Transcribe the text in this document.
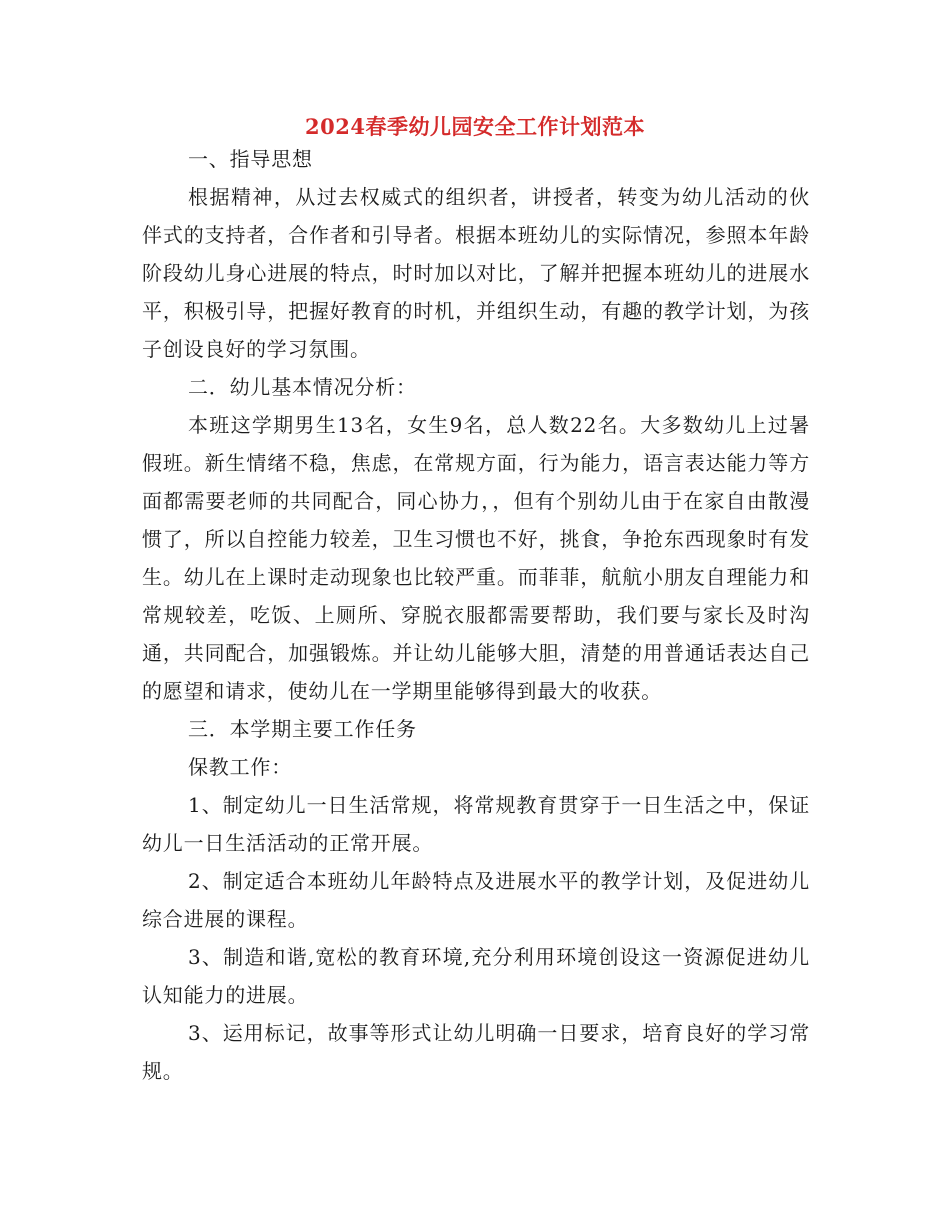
2024春季幼儿园安全工作计划范本

一、指导思想

根据精神，从过去权威式的组织者，讲授者，转变为幼儿活动的伙伴式的支持者，合作者和引导者。根据本班幼儿的实际情况，参照本年龄阶段幼儿身心进展的特点，时时加以对比，了解并把握本班幼儿的进展水平，积极引导，把握好教育的时机，并组织生动，有趣的教学计划，为孩子创设良好的学习氛围。

二．幼儿基本情况分析：

本班这学期男生13名，女生9名，总人数22名。大多数幼儿上过暑假班。新生情绪不稳，焦虑，在常规方面，行为能力，语言表达能力等方面都需要老师的共同配合，同心协力，，但有个别幼儿由于在家自由散漫惯了，所以自控能力较差，卫生习惯也不好，挑食，争抢东西现象时有发生。幼儿在上课时走动现象也比较严重。而菲菲，航航小朋友自理能力和常规较差，吃饭、上厕所、穿脱衣服都需要帮助，我们要与家长及时沟通，共同配合，加强锻炼。并让幼儿能够大胆，清楚的用普通话表达自己的愿望和请求，使幼儿在一学期里能够得到最大的收获。

三．本学期主要工作任务

保教工作：

1、制定幼儿一日生活常规，将常规教育贯穿于一日生活之中，保证幼儿一日生活活动的正常开展。

2、制定适合本班幼儿年龄特点及进展水平的教学计划，及促进幼儿综合进展的课程。

3、制造和谐,宽松的教育环境,充分利用环境创设这一资源促进幼儿认知能力的进展。

3、运用标记，故事等形式让幼儿明确一日要求，培育良好的学习常规。
